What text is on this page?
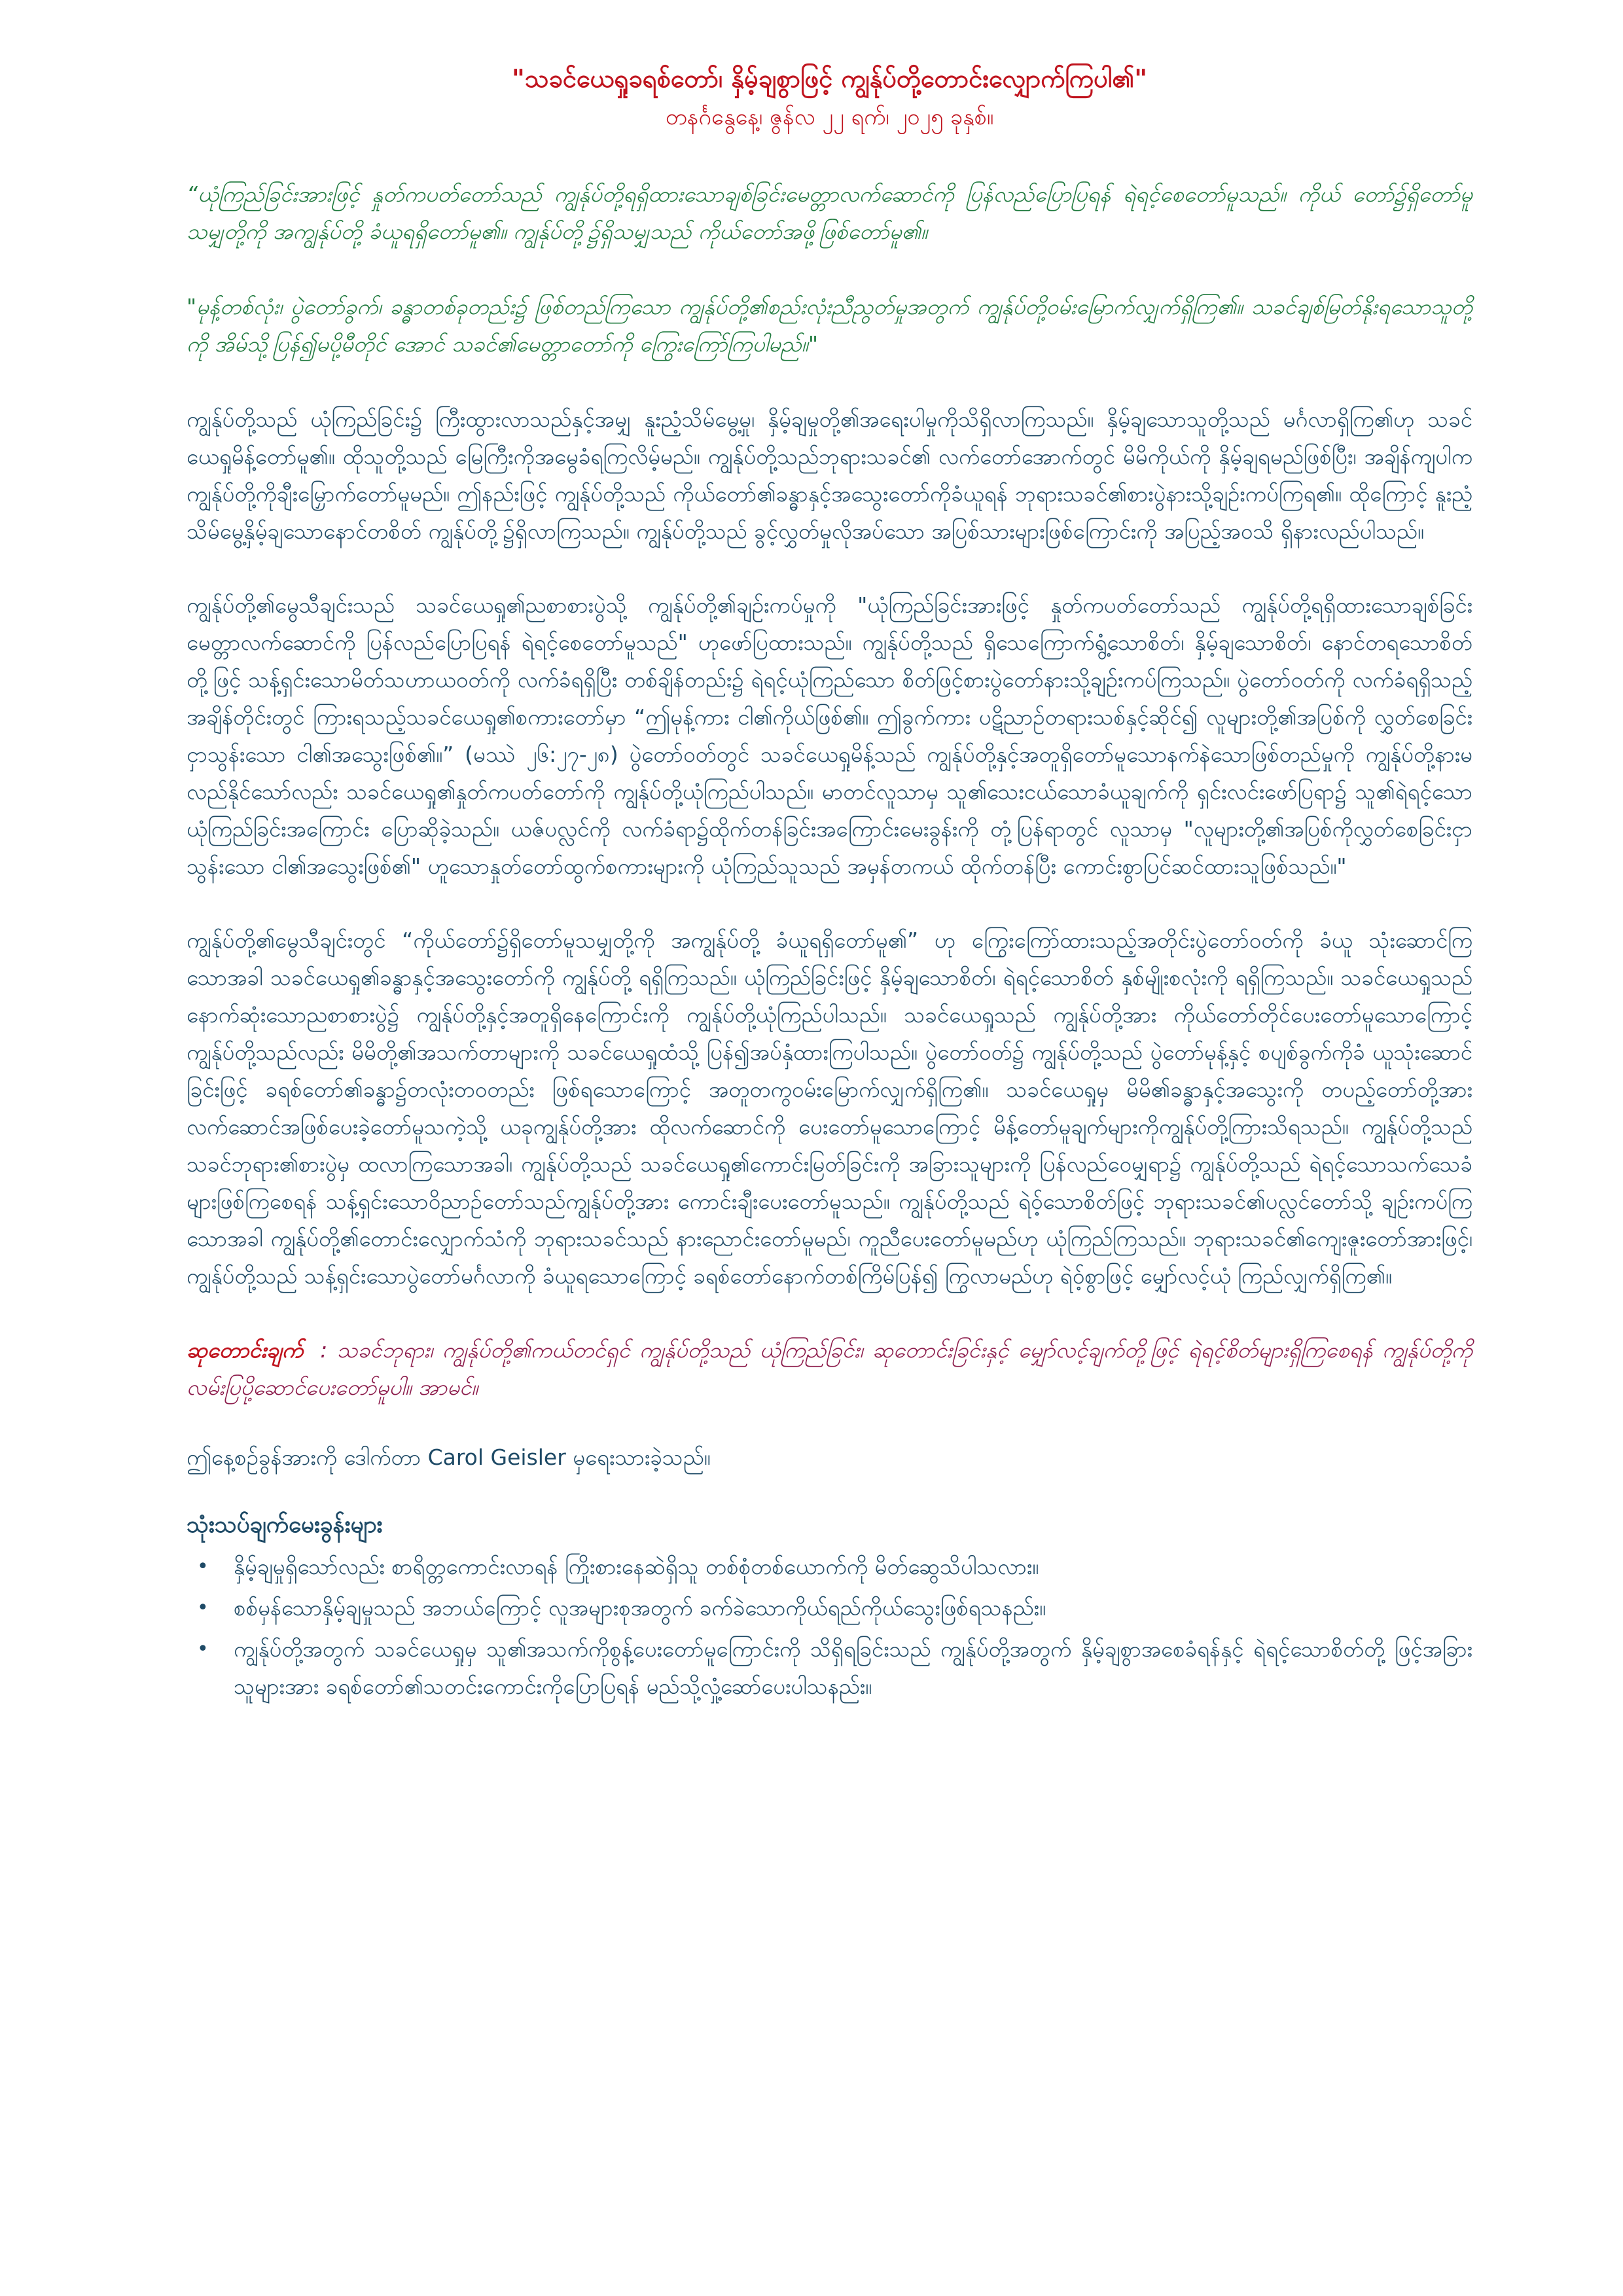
"သခင်ယေရှုခရစ်တော်၊ နှိမ့်ချစွာဖြင့် ကျွန်ုပ်တို့တောင်းလျှောက်ကြပါ၏"

တနင်္ဂနွေနေ့၊ ဇွန်လ ၂၂ ရက်၊ ၂၀၂၅ ခုနှစ်။

“ယုံကြည်ခြင်းအားဖြင့် နှုတ်ကပတ်တော်သည် ကျွန်ုပ်တို့ရရှိထားသောချစ်ခြင်းမေတ္တာလက်ဆောင်ကို ပြန်လည်ပြောပြရန် ရဲရင့်စေတော်မူသည်။ ကိုယ် တော်၌ရှိတော်မူသမျှတို့ကို အကျွန်ုပ်တို့ ခံယူရရှိတော်မူ၏။ ကျွန်ုပ်တို့၌ရှိသမျှသည် ကိုယ်တော်အဖို့ဖြစ်တော်မူ၏။

"မုန့်တစ်လုံး၊ ပွဲတော်ခွက်၊ ခန္ဓာတစ်ခုတည်း၌ ဖြစ်တည်ကြသော ကျွန်ုပ်တို့၏စည်းလုံးညီညွတ်မှုအတွက် ကျွန်ုပ်တို့ဝမ်းမြောက်လျှက်ရှိကြ၏။ သခင်ချစ်မြတ်နိုးရသောသူတို့ကို အိမ်သို့ပြန်၍မပို့မီတိုင် အောင် သခင်၏မေတ္တာတော်ကို ကြွေးကြော်ကြပါမည်။"

ကျွန်ုပ်တို့သည် ယုံကြည်ခြင်း၌ ကြီးထွားလာသည်နှင့်အမျှ နူးညံ့သိမ်မွေ့မှု၊ နှိမ့်ချမှုတို့၏အရေးပါမှုကိုသိရှိလာကြသည်။ နှိမ့်ချသောသူတို့သည် မင်္ဂလာရှိကြ၏ဟု သခင်ယေရှုမိန့်တော်မူ၏။ ထိုသူတို့သည် မြေကြီးကိုအမွေခံရကြလိမ့်မည်။ ကျွန်ုပ်တို့သည်ဘုရားသခင်၏ လက်တော်အောက်တွင် မိမိကိုယ်ကို နှိမ့်ချရမည်ဖြစ်ပြီး၊ အချိန်ကျပါက ကျွန်ုပ်တို့ကိုချီးမြှောက်တော်မူမည်။ ဤနည်းဖြင့် ကျွန်ုပ်တို့သည် ကိုယ်တော်၏ခန္ဓာနှင့်အသွေးတော်ကိုခံယူရန် ဘုရားသခင်၏စားပွဲနားသို့ချဉ်းကပ်ကြရ၏။ ထိုကြောင့် နူးညံ့သိမ်မွေ့နှိမ့်ချသောနောင်တစိတ် ကျွန်ုပ်တို့၌ရှိလာကြသည်။ ကျွန်ုပ်တို့သည် ခွင့်လွှတ်မှုလိုအပ်သော အပြစ်သားများဖြစ်ကြောင်းကို အပြည့်အဝသိ ရှိနားလည်ပါသည်။

ကျွန်ုပ်တို့၏မွေသီချင်းသည် သခင်ယေရှု၏ညစာစားပွဲသို့ ကျွန်ုပ်တို့၏ချဉ်းကပ်မှုကို "ယုံကြည်ခြင်းအားဖြင့် နှုတ်ကပတ်တော်သည် ကျွန်ုပ်တို့ရရှိထားသောချစ်ခြင်းမေတ္တာလက်ဆောင်ကို ပြန်လည်ပြောပြရန် ရဲရင့်စေတော်မူသည်" ဟုဖော်ပြထားသည်။ ကျွန်ုပ်တို့သည် ရှိသေကြောက်ရွံ့သောစိတ်၊ နှိမ့်ချသောစိတ်၊ နောင်တရသောစိတ်တို့ဖြင့် သန့်ရှင်းသောမိတ်သဟာယဝတ်ကို လက်ခံရရှိပြီး တစ်ချိန်တည်း၌ ရဲရင့်ယုံကြည်သော စိတ်ဖြင့်စားပွဲတော်နားသို့ချဉ်းကပ်ကြသည်။ ပွဲတော်ဝတ်ကို လက်ခံရရှိသည့်အချိန်တိုင်းတွင် ကြားရသည့်သခင်ယေရှု၏စကားတော်မှာ “ဤမုန့်ကား ငါ၏ကိုယ်ဖြစ်၏။ ဤခွက်ကား ပဋိညာဉ်တရားသစ်နှင့်ဆိုင်၍ လူများတို့၏အပြစ်ကို လွှတ်စေခြင်းငှာသွန်းသော ငါ၏အသွေးဖြစ်၏။” (မဿဲ ၂၆:၂၇-၂၈) ပွဲတော်ဝတ်တွင် သခင်ယေရှုမိန့်သည် ကျွန်ုပ်တို့နှင့်အတူရှိတော်မူသောနက်နဲသောဖြစ်တည်မှုကို ကျွန်ုပ်တို့နားမလည်နိုင်သော်လည်း သခင်ယေရှု၏နှုတ်ကပတ်တော်ကို ကျွန်ုပ်တို့ယုံကြည်ပါသည်။ မာတင်လူသာမှ သူ၏သေးငယ်သောခံယူချက်ကို ရှင်းလင်းဖော်ပြရာ၌ သူ၏ရဲရင့်သော ယုံကြည်ခြင်းအကြောင်း ပြောဆိုခဲ့သည်။ ယဇ်ပလ္လင်ကို လက်ခံရာ၌ထိုက်တန်ခြင်းအကြောင်းမေးခွန်းကို တုံ့ပြန်ရာတွင် လူသာမှ "လူများတို့၏အပြစ်ကိုလွှတ်စေခြင်းငှာ သွန်းသော ငါ၏အသွေးဖြစ်၏" ဟူသောနှုတ်တော်ထွက်စကားများကို ယုံကြည်သူသည် အမှန်တကယ် ထိုက်တန်ပြီး ကောင်းစွာပြင်ဆင်ထားသူဖြစ်သည်။"

ကျွန်ုပ်တို့၏မွေသီချင်းတွင် “ကိုယ်တော်၌ရှိတော်မူသမျှတို့ကို အကျွန်ုပ်တို့ ခံယူရရှိတော်မူ၏” ဟု ကြွေးကြော်ထားသည့်အတိုင်းပွဲတော်ဝတ်ကို ခံယူ သုံးဆောင်ကြသောအခါ သခင်ယေရှု၏ခန္ဓာနှင့်အသွေးတော်ကို ကျွန်ုပ်တို့ ရရှိကြသည်။ ယုံကြည်ခြင်းဖြင့် နှိမ့်ချသောစိတ်၊ ရဲရင့်သောစိတ် နှစ်မျိုးစလုံးကို ရရှိကြသည်။ သခင်ယေရှုသည် နောက်ဆုံးသောညစာစားပွဲ၌ ကျွန်ုပ်တို့နှင့်အတူရှိနေကြောင်းကို ကျွန်ုပ်တို့ယုံကြည်ပါသည်။ သခင်ယေရှုသည် ကျွန်ုပ်တို့အား ကိုယ်တော်တိုင်ပေးတော်မူသောကြောင့် ကျွန်ုပ်တို့သည်လည်း မိမိတို့၏အသက်တာများကို သခင်ယေရှုထံသို့ ပြန်၍အပ်နှံထားကြပါသည်။ ပွဲတော်ဝတ်၌ ကျွန်ုပ်တို့သည် ပွဲတော်မုန့်နှင့် စပျစ်ခွက်ကိုခံ ယူသုံးဆောင်ခြင်းဖြင့် ခရစ်တော်၏ခန္ဓာ၌တလုံးတဝတည်း ဖြစ်ရသောကြောင့် အတူတကွဝမ်းမြောက်လျှက်ရှိကြ၏။ သခင်ယေရှုမှ မိမိ၏ခန္ဓာနှင့်အသွေးကို တပည့်တော်တို့အား လက်ဆောင်အဖြစ်ပေးခဲ့တော်မူသကဲ့သို့ ယခုကျွန်ုပ်တို့အား ထိုလက်ဆောင်ကို ပေးတော်မူသောကြောင့် မိန့်တော်မူချက်များကိုကျွန်ုပ်တို့ကြားသိရသည်။ ကျွန်ုပ်တို့သည် သခင်ဘုရား၏စားပွဲမှ ထလာကြသောအခါ၊ ကျွန်ုပ်တို့သည် သခင်ယေရှု၏ကောင်းမြတ်ခြင်းကို အခြားသူများကို ပြန်လည်ဝေမျှရာ၌ ကျွန်ုပ်တို့သည် ရဲရင့်သောသက်သေခံများဖြစ်ကြစေရန် သန့်ရှင်းသောဝိညာဉ်တော်သည်ကျွန်ုပ်တို့အား ကောင်းချီးပေးတော်မူသည်။ ကျွန်ုပ်တို့သည် ရဲ၀့်သောစိတ်ဖြင့် ဘုရားသခင်၏ပလ္လင်တော်သို့ ချဉ်းကပ်ကြသောအခါ ကျွန်ုပ်တို့၏တောင်းလျှောက်သံကို ဘုရားသခင်သည် နားညောင်းတော်မူမည်၊ ကူညီပေးတော်မူမည်ဟု ယုံကြည်ကြသည်။ ဘုရားသခင်၏ကျေးဇူးတော်အားဖြင့်၊ ကျွန်ုပ်တို့သည် သန့်ရှင်းသောပွဲတော်မင်္ဂလာကို ခံယူရသောကြောင့် ခရစ်တော်နောက်တစ်ကြိမ်ပြန်၍ ကြွလာမည်ဟု ရဲ၀့်စွာဖြင့် မျှော်လင့်ယုံ ကြည်လျှက်ရှိကြ၏။

ဆုတောင်းချက် : သခင်ဘုရား၊ ကျွန်ုပ်တို့၏ကယ်တင်ရှင် ကျွန်ုပ်တို့သည် ယုံကြည်ခြင်း၊ ဆုတောင်းခြင်းနှင့် မျှော်လင့်ချက်တို့ဖြင့် ရဲရင့်စိတ်များရှိကြစေရန် ကျွန်ုပ်တို့ကို လမ်းပြပို့ဆောင်ပေးတော်မူပါ။ အာမင်။

ဤနေ့စဉ်ခွန်အားကို ဒေါက်တာ Carol Geisler မှရေးသားခဲ့သည်။

သုံးသပ်ချက်မေးခွန်းများ

• နှိမ့်ချမှုရှိသော်လည်း စာရိတ္တကောင်းလာရန် ကြိုးစားနေဆဲရှိသူ တစ်စုံတစ်ယောက်ကို မိတ်ဆွေသိပါသလား။
• စစ်မှန်သောနှိမ့်ချမှုသည် အဘယ်ကြောင့် လူအများစုအတွက် ခက်ခဲသောကိုယ်ရည်ကိုယ်သွေးဖြစ်ရသနည်း။
• ကျွန်ုပ်တို့အတွက် သခင်ယေရှုမှ သူ၏အသက်ကိုစွန့်ပေးတော်မူကြောင်းကို သိရှိရခြင်းသည် ကျွန်ုပ်တို့အတွက် နှိမ့်ချစွာအစေခံရန်နှင့် ရဲရင့်သောစိတ်တို့ ဖြင့်အခြားသူများအား ခရစ်တော်၏သတင်းကောင်းကိုပြောပြရန် မည်သို့လှုံ့ဆော်ပေးပါသနည်း။
